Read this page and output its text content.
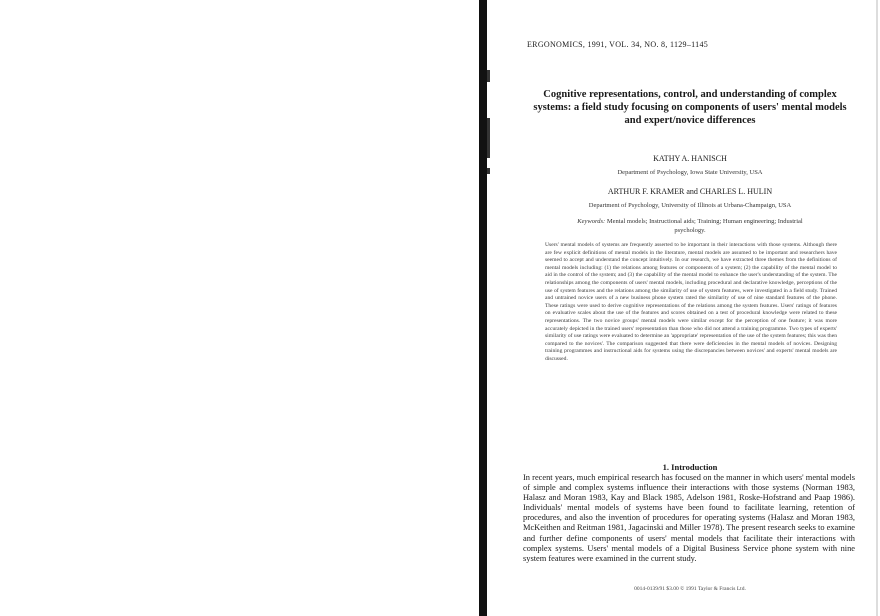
ERGONOMICS, 1991, VOL. 34, NO. 8, 1129–1145
Cognitive representations, control, and understanding of complex systems: a field study focusing on components of users' mental models and expert/novice differences
KATHY A. HANISCH
Department of Psychology, Iowa State University, USA
ARTHUR F. KRAMER and CHARLES L. HULIN
Department of Psychology, University of Illinois at Urbana-Champaign, USA
Keywords: Mental models; Instructional aids; Training; Human engineering; Industrial psychology.
Users' mental models of systems are frequently asserted to be important in their interactions with those systems. Although there are few explicit definitions of mental models in the literature, mental models are assumed to be important and researchers have seemed to accept and understand the concept intuitively. In our research, we have extracted three themes from the definitions of mental models including: (1) the relations among features or components of a system; (2) the capability of the mental model to aid in the control of the system; and (3) the capability of the mental model to enhance the user's understanding of the system. The relationships among the components of users' mental models, including procedural and declarative knowledge, perceptions of the use of system features and the relations among the similarity of use of system features, were investigated in a field study. Trained and untrained novice users of a new business phone system rated the similarity of use of nine standard features of the phone. These ratings were used to derive cognitive representations of the relations among the system features. Users' ratings of features on evaluative scales about the use of the features and scores obtained on a test of procedural knowledge were related to these representations. The two novice groups' mental models were similar except for the perception of one feature; it was more accurately depicted in the trained users' representation than those who did not attend a training programme. Two types of experts' similarity of use ratings were evaluated to determine an 'appropriate' representation of the use of the system features; this was then compared to the novices'. The comparison suggested that there were deficiencies in the mental models of novices. Designing training programmes and instructional aids for systems using the discrepancies between novices' and experts' mental models are discussed.
1. Introduction
In recent years, much empirical research has focused on the manner in which users' mental models of simple and complex systems influence their interactions with those systems (Norman 1983, Halasz and Moran 1983, Kay and Black 1985, Adelson 1981, Roske-Hofstrand and Paap 1986). Individuals' mental models of systems have been found to facilitate learning, retention of procedures, and also the invention of procedures for operating systems (Halasz and Moran 1983, McKeithen and Reitman 1981, Jagacinski and Miller 1978). The present research seeks to examine and further define components of users' mental models that facilitate their interactions with complex systems. Users' mental models of a Digital Business Service phone system with nine system features were examined in the current study.
0014-0139/91 $3.00 © 1991 Taylor & Francis Ltd.
